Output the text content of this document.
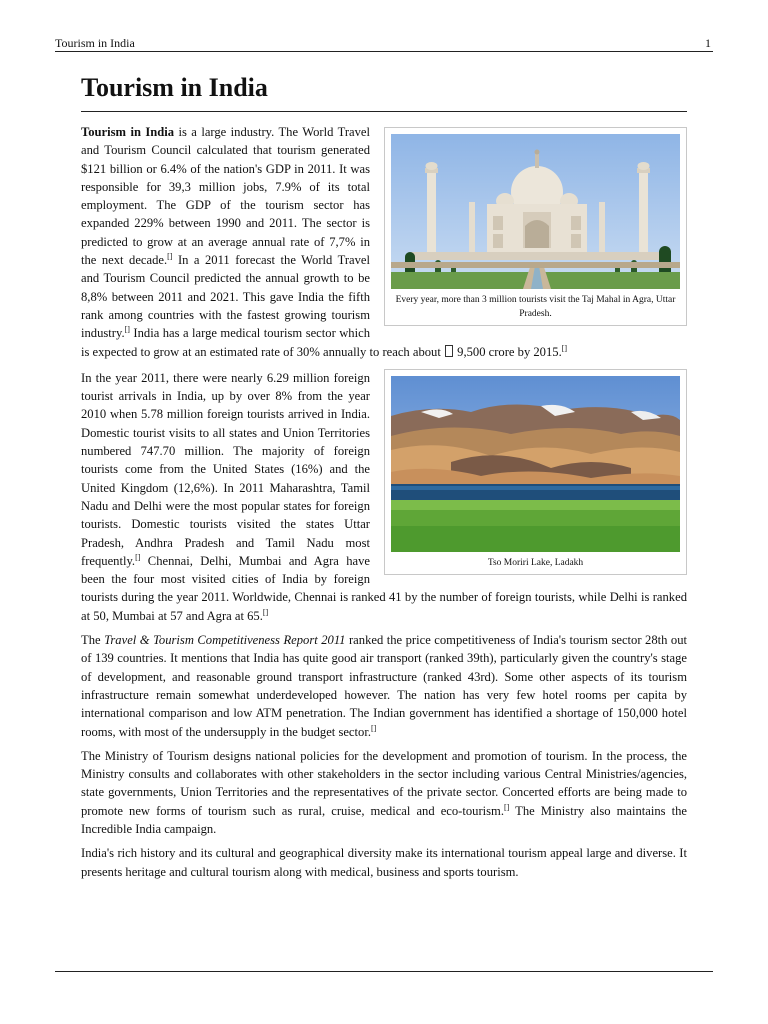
Tourism in India	1
Tourism in India
Every year, more than 3 million tourists visit the Taj Mahal in Agra, Uttar Pradesh.

Tourism in India is a large industry. The World Travel and Tourism Council calculated that tourism generated $121 billion or 6.4% of the nation's GDP in 2011. It was responsible for 39,3 million jobs, 7.9% of its total employment. The GDP of the tourism sector has expanded 229% between 1990 and 2011. The sector is predicted to grow at an average annual rate of 7,7% in the next decade.[] In a 2011 forecast the World Travel and Tourism Council predicted the annual growth to be 8,8% between 2011 and 2021. This gave India the fifth rank among countries with the fastest growing tourism industry.[] India has a large medical tourism sector which is expected to grow at an estimated rate of 30% annually to reach about  9,500 crore by 2015.[]

Tso Moriri Lake, Ladakh

In the year 2011, there were nearly 6.29 million foreign tourist arrivals in India, up by over 8% from the year 2010 when 5.78 million foreign tourists arrived in India. Domestic tourist visits to all states and Union Territories numbered 747.70 million. The majority of foreign tourists come from the United States (16%) and the United Kingdom (12,6%). In 2011 Maharashtra, Tamil Nadu and Delhi were the most popular states for foreign tourists. Domestic tourists visited the states Uttar Pradesh, Andhra Pradesh and Tamil Nadu most frequently.[] Chennai, Delhi, Mumbai and Agra have been the four most visited cities of India by foreign tourists during the year 2011. Worldwide, Chennai is ranked 41 by the number of foreign tourists, while Delhi is ranked at 50, Mumbai at 57 and Agra at 65.[]

The Travel & Tourism Competitiveness Report 2011 ranked the price competitiveness of India's tourism sector 28th out of 139 countries. It mentions that India has quite good air transport (ranked 39th), particularly given the country's stage of development, and reasonable ground transport infrastructure (ranked 43rd). Some other aspects of its tourism infrastructure remain somewhat underdeveloped however. The nation has very few hotel rooms per capita by international comparison and low ATM penetration. The Indian government has identified a shortage of 150,000 hotel rooms, with most of the undersupply in the budget sector.[]

The Ministry of Tourism designs national policies for the development and promotion of tourism. In the process, the Ministry consults and collaborates with other stakeholders in the sector including various Central Ministries/agencies, state governments, Union Territories and the representatives of the private sector. Concerted efforts are being made to promote new forms of tourism such as rural, cruise, medical and eco-tourism.[] The Ministry also maintains the Incredible India campaign.

India's rich history and its cultural and geographical diversity make its international tourism appeal large and diverse. It presents heritage and cultural tourism along with medical, business and sports tourism.
